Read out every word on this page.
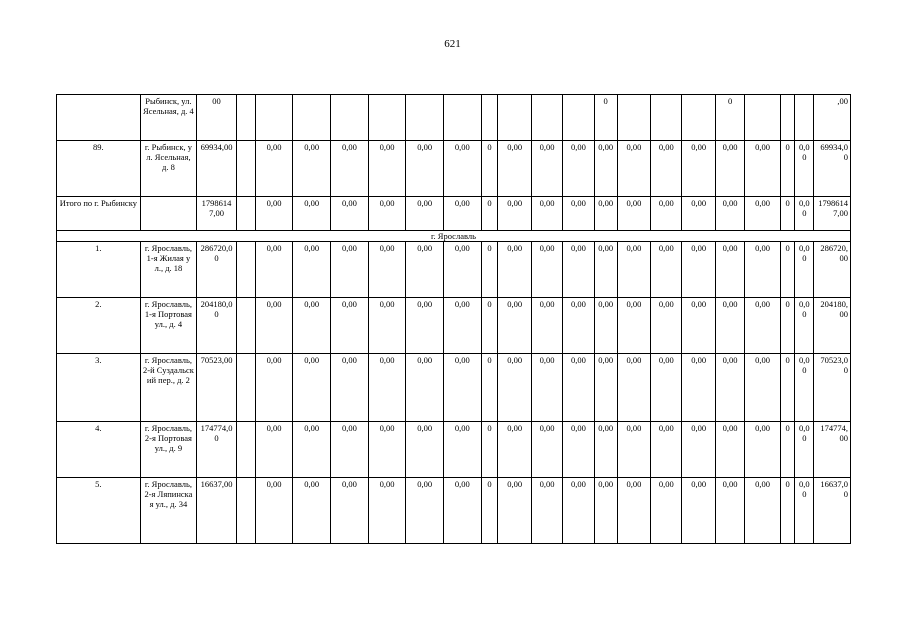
621
	Рыбинск, ул. Ясельная, д. 4	00												0				0				,00
89.	г. Рыбинск, ул. Ясельная, д. 8	69934,00		0,00	0,00	0,00	0,00	0,00	0,00	0	0,00	0,00	0,00	0,00	0,00	0,00	0,00	0,00	0,00	0	0,00	69934,00
Итого по г. Рыбинску		17986147,00		0,00	0,00	0,00	0,00	0,00	0,00	0	0,00	0,00	0,00	0,00	0,00	0,00	0,00	0,00	0,00	0	0,00	17986147,00
г. Ярославль																						
1.	г. Ярославль, 1-я Жилая ул., д. 18	286720,00		0,00	0,00	0,00	0,00	0,00	0,00	0	0,00	0,00	0,00	0,00	0,00	0,00	0,00	0,00	0,00	0	0,00	286720,00
2.	г. Ярославль, 1-я Портовая ул., д. 4	204180,00		0,00	0,00	0,00	0,00	0,00	0,00	0	0,00	0,00	0,00	0,00	0,00	0,00	0,00	0,00	0,00	0	0,00	204180,00
3.	г. Ярославль, 2-й Суздальский пер., д. 2	70523,00		0,00	0,00	0,00	0,00	0,00	0,00	0	0,00	0,00	0,00	0,00	0,00	0,00	0,00	0,00	0,00	0	0,00	70523,00
4.	г. Ярославль, 2-я Портовая ул., д. 9	174774,00		0,00	0,00	0,00	0,00	0,00	0,00	0	0,00	0,00	0,00	0,00	0,00	0,00	0,00	0,00	0,00	0	0,00	174774,00
5.	г. Ярославль, 2-я Ляпинская ул., д. 34	16637,00		0,00	0,00	0,00	0,00	0,00	0,00	0	0,00	0,00	0,00	0,00	0,00	0,00	0,00	0,00	0,00	0	0,00	16637,00
